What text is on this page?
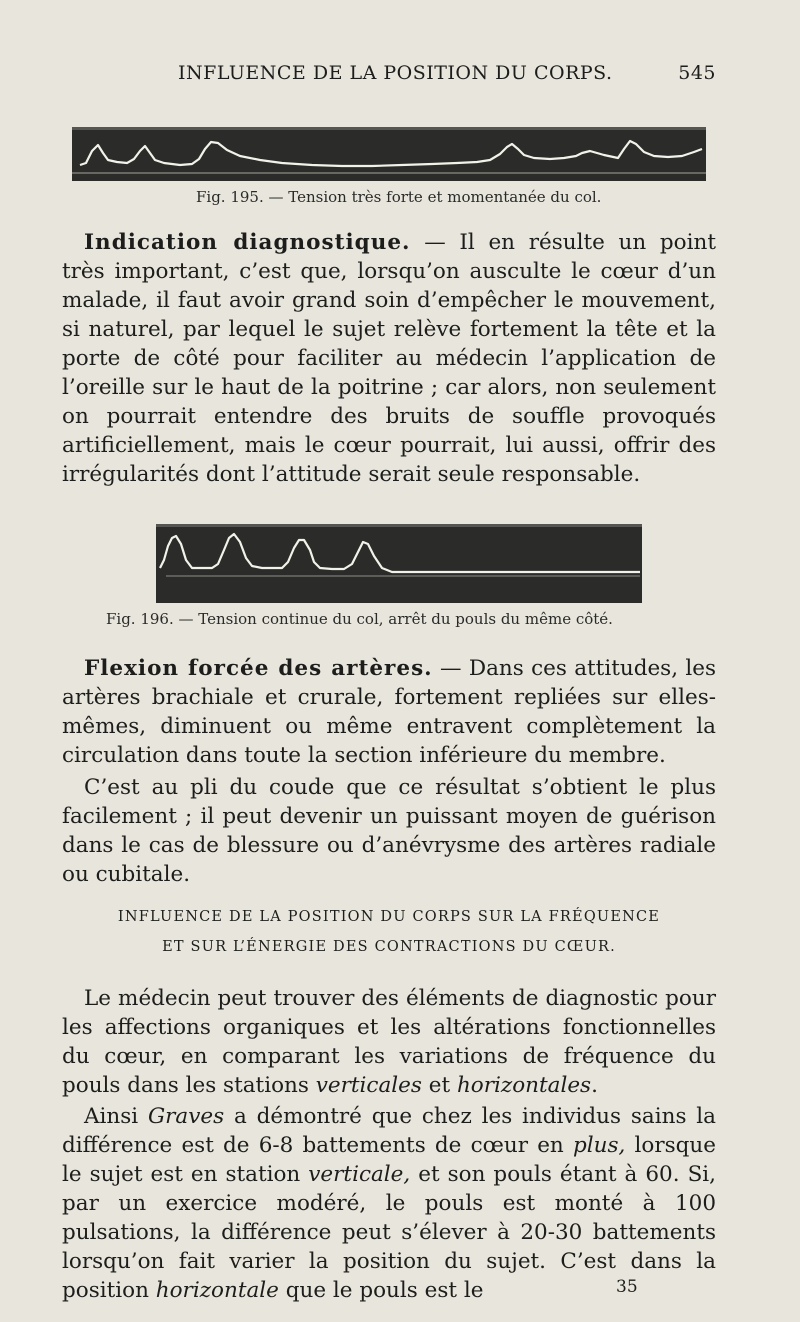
INFLUENCE DE LA POSITION DU CORPS.	545
Fig. 195. — Tension très forte et momentanée du col.

Indication diagnostique. — Il en résulte un point très important, c’est que, lorsqu’on ausculte le cœur d’un malade, il faut avoir grand soin d’empêcher le mouvement, si naturel, par lequel le sujet relève fortement la tête et la porte de côté pour faciliter au médecin l’application de l’oreille sur le haut de la poitrine ; car alors, non seulement on pourrait entendre des bruits de souffle provoqués artificiellement, mais le cœur pourrait, lui aussi, offrir des irrégularités dont l’attitude serait seule responsable.

Fig. 196. — Tension continue du col, arrêt du pouls du même côté.

Flexion forcée des artères. — Dans ces attitudes, les artères brachiale et crurale, fortement repliées sur elles-mêmes, diminuent ou même entravent complètement la circulation dans toute la section inférieure du membre.

C’est au pli du coude que ce résultat s’obtient le plus facilement ; il peut devenir un puissant moyen de guérison dans le cas de blessure ou d’anévrysme des artères radiale ou cubitale.

INFLUENCE DE LA POSITION DU CORPS SUR LA FRÉQUENCE
ET SUR L’ÉNERGIE DES CONTRACTIONS DU CŒUR.

Le médecin peut trouver des éléments de diagnostic pour les affections organiques et les altérations fonctionnelles du cœur, en comparant les variations de fréquence du pouls dans les stations verticales et horizontales.

Ainsi Graves a démontré que chez les individus sains la différence est de 6-8 battements de cœur en plus, lorsque le sujet est en station verticale, et son pouls étant à 60. Si, par un exercice modéré, le pouls est monté à 100 pulsations, la différence peut s’élever à 20-30 battements lorsqu’on fait varier la position du sujet. C’est dans la position horizontale que le pouls est le	35
